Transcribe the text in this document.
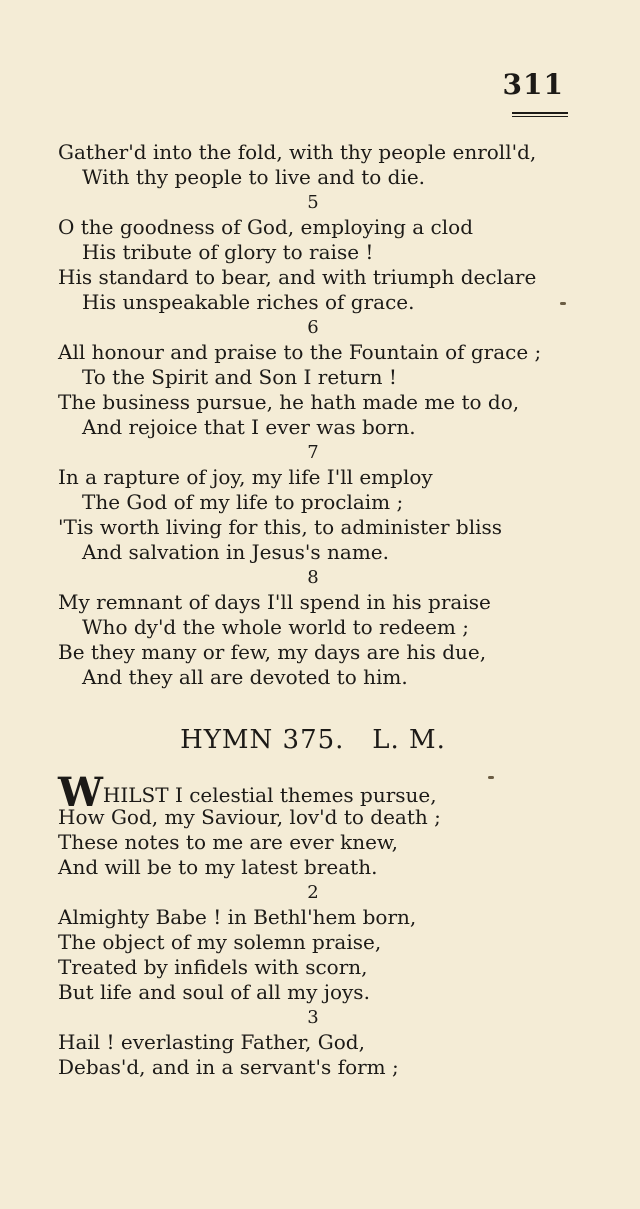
311
Gather'd into the fold, with thy people enroll'd,
With thy people to live and to die.
5
O the goodness of God, employing a clod
His tribute of glory to raise !
His standard to bear, and with triumph declare
His unspeakable riches of grace.
6
All honour and praise to the Fountain of grace ;
To the Spirit and Son I return !
The business pursue, he hath made me to do,
And rejoice that I ever was born.
7
In a rapture of joy, my life I'll employ
The God of my life to proclaim ;
'Tis worth living for this, to administer bliss
And salvation in Jesus's name.
8
My remnant of days I'll spend in his praise
Who dy'd the whole world to redeem ;
Be they many or few, my days are his due,
And they all are devoted to him.
HYMN 375.   L. M.
WHILST I celestial themes pursue,
How God, my Saviour, lov'd to death ;
These notes to me are ever knew,
And will be to my latest breath.
2
Almighty Babe ! in Bethl'hem born,
The object of my solemn praise,
Treated by infidels with scorn,
But life and soul of all my joys.
3
Hail ! everlasting Father, God,
Debas'd, and in a servant's form ;
